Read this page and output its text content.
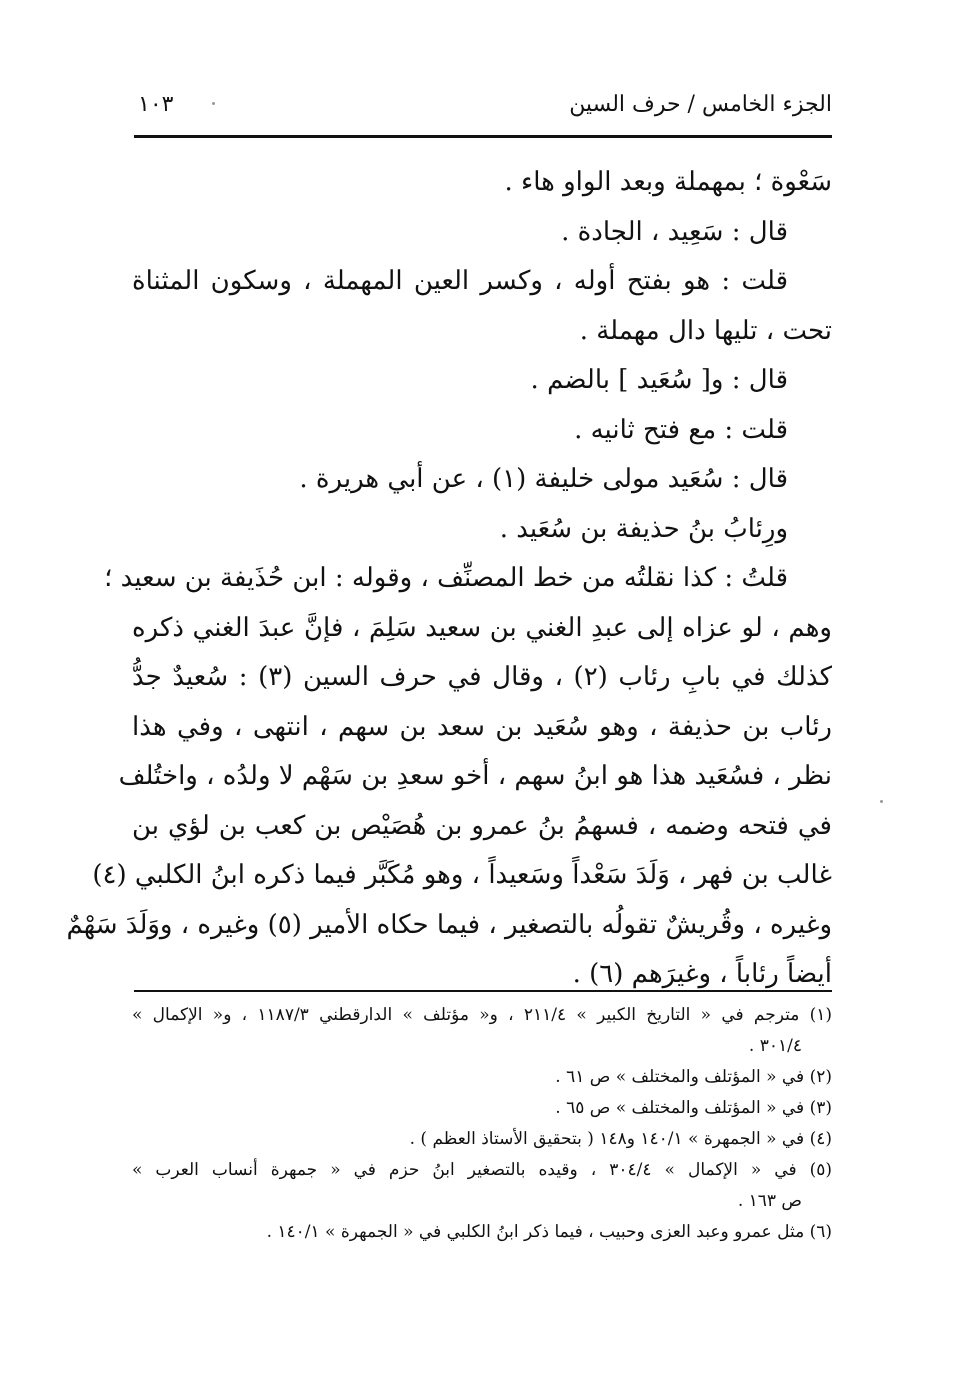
الجزء الخامس / حرف السين
١٠٣

سَعْوة ؛ بمهملة وبعد الواو هاء .

قال : سَعِيد ، الجادة .

قلت : هو بفتح أوله ، وكسر العين المهملة ، وسكون المثناة

تحت ، تليها دال مهملة .

قال : و[ سُعَيد ] بالضم .

قلت : مع فتح ثانيه .

قال : سُعَيد مولى خليفة (١) ، عن أبي هريرة .

ورِئابُ بنُ حذيفة بن سُعَيد .

قلتُ : كذا نقلتُه من خط المصنِّف ، وقوله : ابن حُذَيفة بن سعيد ؛

وهم ، لو عزاه إلى عبدِ الغني بن سعيد سَلِمَ ، فإنَّ عبدَ الغني ذكره

كذلك في بابِ رئاب (٢) ، وقال في حرف السين (٣) : سُعيدٌ جدُّ

رئاب بن حذيفة ، وهو سُعَيد بن سعد بن سهم ، انتهى ، وفي هذا

نظر ، فسُعَيد هذا هو ابنُ سهم ، أخو سعدِ بن سَهْم لا ولدُه ، واختُلف

في فتحه وضمه ، فسهمُ بنُ عمرو بن هُصَيْص بن كعب بن لؤي بن

غالب بن فهر ، وَلَدَ سَعْداً وسَعيداً ، وهو مُكَبَّر فيما ذكره ابنُ الكلبي (٤)

وغيره ، وقُريشٌ تقولُه بالتصغير ، فيما حكاه الأمير (٥) وغيره ، ووَلَدَ سَهْمٌ

أيضاً رئاباً ، وغيرَهم (٦) .

(١) مترجم في « التاريخ الكبير » ٢١١/٤ ، و« مؤتلف » الدارقطني ١١٨٧/٣ ، و« الإكمال »
٣٠١/٤ .
(٢) في « المؤتلف والمختلف » ص ٦١ .
(٣) في « المؤتلف والمختلف » ص ٦٥ .
(٤) في « الجمهرة » ١٤٠/١ و١٤٨ ( بتحقيق الأستاذ العظم ) .
(٥) في « الإكمال » ٣٠٤/٤ ، وقيده بالتصغير ابنُ حزم في « جمهرة أنساب العرب »
ص ١٦٣ .
(٦) مثل عمرو وعبد العزى وحبيب ، فيما ذكر ابنُ الكلبي في « الجمهرة » ١٤٠/١ .
